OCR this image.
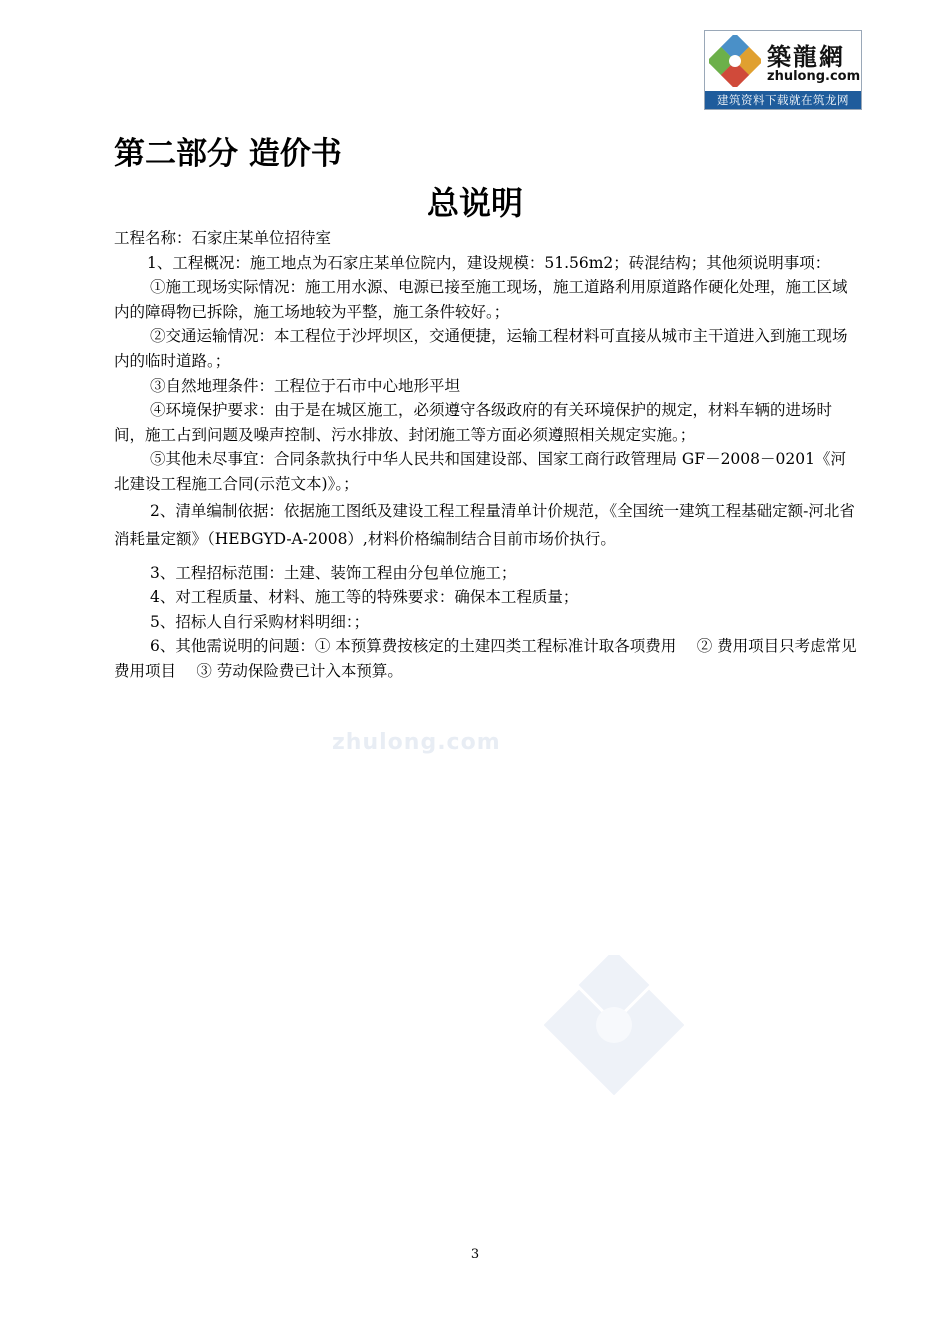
築龍網
zhulong.com
建筑资料下载就在筑龙网
第二部分 造价书
总说明

工程名称：石家庄某单位招待室

1、工程概况：施工地点为石家庄某单位院内，建设规模：51.56m2；砖混结构；其他须说明事项：

①施工现场实际情况：施工用水源、电源已接至施工现场，施工道路利用原道路作硬化处理，施工区域内的障碍物已拆除，施工场地较为平整，施工条件较好。；

②交通运输情况：本工程位于沙坪坝区，交通便捷，运输工程材料可直接从城市主干道进入到施工现场内的临时道路。；

③自然地理条件：工程位于石市中心地形平坦

④环境保护要求：由于是在城区施工，必须遵守各级政府的有关环境保护的规定，材料车辆的进场时间，施工占到问题及噪声控制、污水排放、封闭施工等方面必须遵照相关规定实施。；

⑤其他未尽事宜：合同条款执行中华人民共和国建设部、国家工商行政管理局 GF－2008－0201《河北建设工程施工合同(示范文本)》。；

2、清单编制依据：依据施工图纸及建设工程工程量清单计价规范，《全国统一建筑工程基础定额-河北省消耗量定额》（HEBGYD-A-2008）,材料价格编制结合目前市场价执行。

3、工程招标范围：土建、装饰工程由分包单位施工；

4、对工程质量、材料、施工等的特殊要求：确保本工程质量；

5、招标人自行采购材料明细：；

6、其他需说明的问题：① 本预算费按核定的土建四类工程标准计取各项费用　 ② 费用项目只考虑常见费用项目　 ③ 劳动保险费已计入本预算。

zhulong.com
3
